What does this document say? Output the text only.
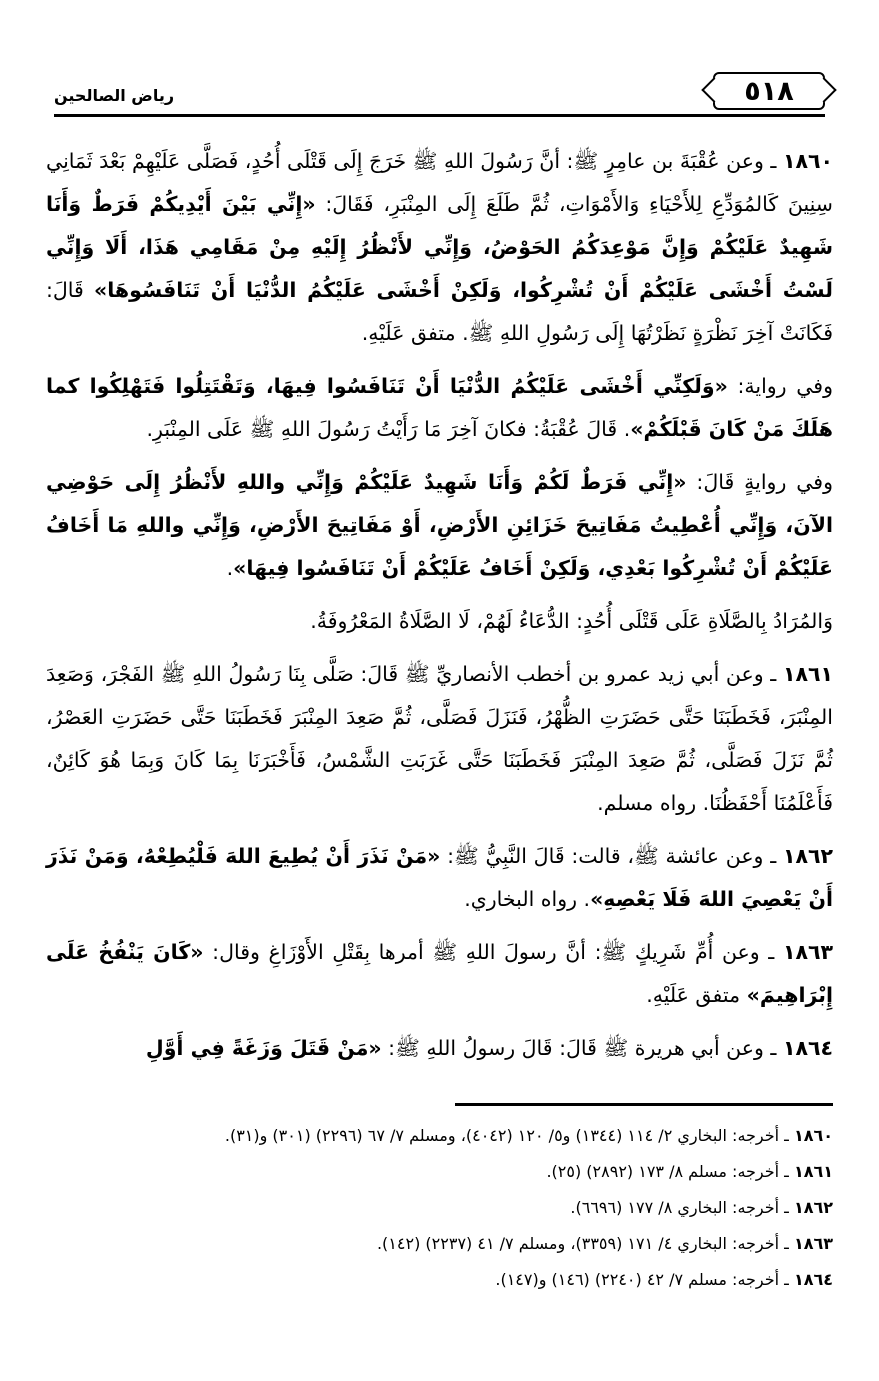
٥١٨
رياض الصالحين

١٨٦٠ ـ وعن عُقْبَةَ بن عامِرٍ ﷺ: أنَّ رَسُولَ اللهِ ﷺ خَرَجَ إِلَى قَتْلَى أُحُدٍ، فَصَلَّى عَلَيْهِمْ بَعْدَ ثَمَانِي سِنِينَ كَالمُوَدِّعِ لِلأَحْيَاءِ وَالأَمْوَاتِ، ثُمَّ طَلَعَ إِلَى المِنْبَرِ، فَقَالَ: «إِنِّي بَيْنَ أَيْدِيكُمْ فَرَطٌ وَأَنَا شَهِيدٌ عَلَيْكُمْ وَإِنَّ مَوْعِدَكُمُ الحَوْضُ، وَإِنِّي لأَنْظُرُ إِلَيْهِ مِنْ مَقَامِي هَذَا، أَلَا وَإِنِّي لَسْتُ أَخْشَى عَلَيْكُمْ أَنْ تُشْرِكُوا، وَلَكِنْ أَخْشَى عَلَيْكُمُ الدُّنْيَا أَنْ تَنَافَسُوهَا» قَالَ: فَكَانَتْ آخِرَ نَظْرَةٍ نَظَرْتُهَا إِلَى رَسُولِ اللهِ ﷺ. متفق عَلَيْهِ.

وفي رواية: «وَلَكِنِّي أَخْشَى عَلَيْكُمُ الدُّنْيَا أَنْ تَنَافَسُوا فِيهَا، وَتَقْتَتِلُوا فَتَهْلِكُوا كما هَلَكَ مَنْ كَانَ قَبْلَكُمْ». قَالَ عُقْبَةُ: فكانَ آخِرَ مَا رَأَيْتُ رَسُولَ اللهِ ﷺ عَلَى المِنْبَرِ.

وفي روايةٍ قَالَ: «إِنِّي فَرَطٌ لَكُمْ وَأَنَا شَهِيدٌ عَلَيْكُمْ وَإِنِّي واللهِ لأَنْظُرُ إِلَى حَوْضِي الآنَ، وَإِنِّي أُعْطِيتُ مَفَاتِيحَ خَزَائِنِ الأَرْضِ، أَوْ مَفَاتِيحَ الأَرْضِ، وَإِنِّي واللهِ مَا أَخَافُ عَلَيْكُمْ أَنْ تُشْرِكُوا بَعْدِي، وَلَكِنْ أَخَافُ عَلَيْكُمْ أَنْ تَنَافَسُوا فِيهَا».

وَالمُرَادُ بِالصَّلَاةِ عَلَى قَتْلَى أُحُدٍ: الدُّعَاءُ لَهُمْ، لَا الصَّلَاةُ المَعْرُوفَةُ.

١٨٦١ ـ وعن أبي زيد عمرو بن أخطب الأنصاريِّ ﷺ قَالَ: صَلَّى بِنَا رَسُولُ اللهِ ﷺ الفَجْرَ، وَصَعِدَ المِنْبَرَ، فَخَطَبَنَا حَتَّى حَضَرَتِ الظُّهْرُ، فَنَزَلَ فَصَلَّى، ثُمَّ صَعِدَ المِنْبَرَ فَخَطَبَنَا حَتَّى حَضَرَتِ العَصْرُ، ثُمَّ نَزَلَ فَصَلَّى، ثُمَّ صَعِدَ المِنْبَرَ فَخَطَبَنَا حَتَّى غَرَبَتِ الشَّمْسُ، فَأَخْبَرَنَا بِمَا كَانَ وَبِمَا هُوَ كَائِنٌ، فَأَعْلَمُنَا أَحْفَظُنَا. رواه مسلم.

١٨٦٢ ـ وعن عائشة ﷺ، قالت: قَالَ النَّبِيُّ ﷺ: «مَنْ نَذَرَ أَنْ يُطِيعَ اللهَ فَلْيُطِعْهُ، وَمَنْ نَذَرَ أَنْ يَعْصِيَ اللهَ فَلَا يَعْصِهِ». رواه البخاري.

١٨٦٣ ـ وعن أُمِّ شَرِيكٍ ﷺ: أنَّ رسولَ اللهِ ﷺ أمرها بِقَتْلِ الأَوْزَاغِ وقال: «كَانَ يَنْفُخُ عَلَى إِبْرَاهِيمَ» متفق عَلَيْهِ.

١٨٦٤ ـ وعن أبي هريرة ﷺ قَالَ: قَالَ رسولُ اللهِ ﷺ: «مَنْ قَتَلَ وَزَغَةً فِي أَوَّلِ

١٨٦٠ ـ أخرجه: البخاري ٢/ ١١٤ (١٣٤٤) و٥/ ١٢٠ (٤٠٤٢)، ومسلم ٧/ ٦٧ (٢٢٩٦) (٣٠١) و(٣١).

١٨٦١ ـ أخرجه: مسلم ٨/ ١٧٣ (٢٨٩٢) (٢٥).

١٨٦٢ ـ أخرجه: البخاري ٨/ ١٧٧ (٦٦٩٦).

١٨٦٣ ـ أخرجه: البخاري ٤/ ١٧١ (٣٣٥٩)، ومسلم ٧/ ٤١ (٢٢٣٧) (١٤٢).

١٨٦٤ ـ أخرجه: مسلم ٧/ ٤٢ (٢٢٤٠) (١٤٦) و(١٤٧).
